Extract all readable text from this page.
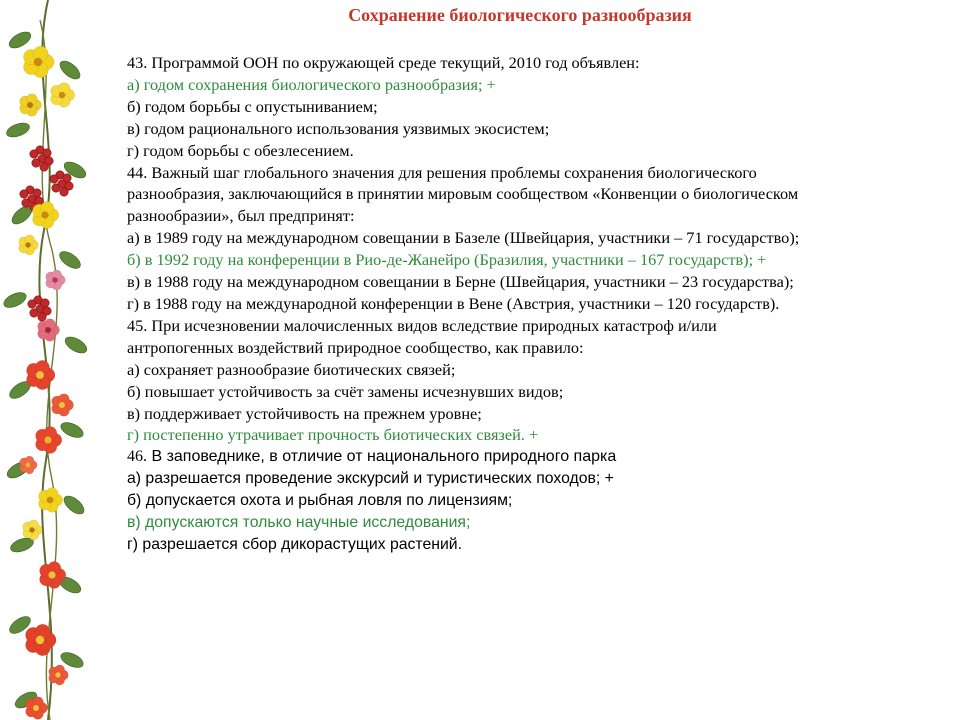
Сохранение биологического разнообразия
43. Программой ООН по окружающей среде текущий, 2010 год объявлен:
а) годом сохранения биологического разнообразия; +
б) годом борьбы с опустыниванием;
в) годом рационального использования уязвимых экосистем;
г) годом борьбы с обезлесением.
44. Важный шаг глобального значения для решения проблемы сохранения биологического
разнообразия, заключающийся в принятии мировым сообществом «Конвенции о биологическом
разнообразии», был предпринят:
а) в 1989 году на международном совещании в Базеле (Швейцария, участники – 71 государство);
б) в 1992 году на конференции в Рио-де-Жанейро (Бразилия, участники – 167 государств); +
в) в 1988 году на международном совещании в Берне (Швейцария, участники – 23 государства);
г) в 1988 году на международной конференции в Вене (Австрия, участники – 120 государств).
45. При исчезновении малочисленных видов вследствие природных катастроф и/или
антропогенных воздействий природное сообщество, как правило:
а) сохраняет разнообразие биотических связей;
б) повышает устойчивость за счёт замены исчезнувших видов;
в) поддерживает устойчивость на прежнем уровне;
г) постепенно утрачивает прочность биотических связей. +
46. В заповеднике, в отличие от национального природного парка
а) разрешается проведение экскурсий и туристических походов; +
б) допускается охота и рыбная ловля по лицензиям;
в) допускаются только научные исследования;
г) разрешается сбор дикорастущих растений.
